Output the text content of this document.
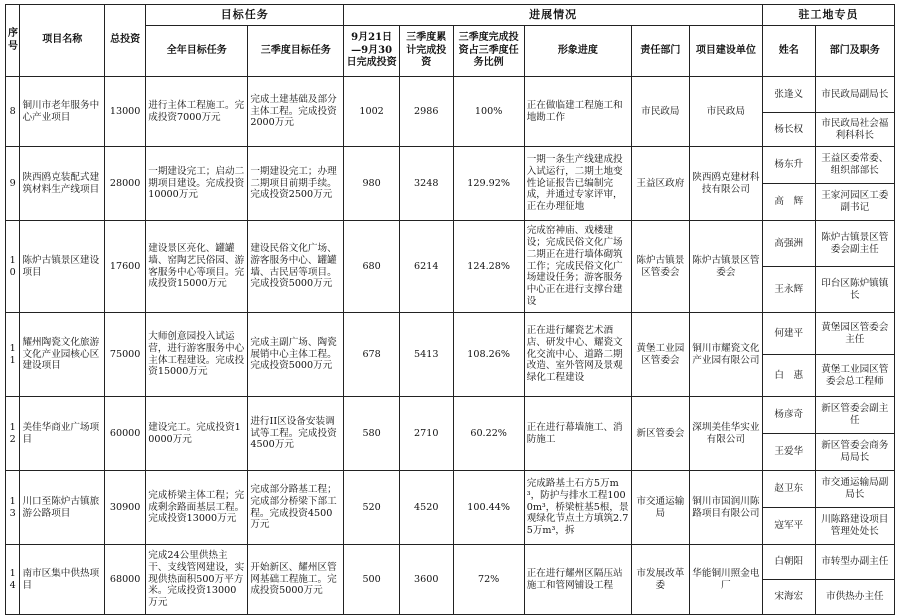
序号	项目名称	总投资	目标任务		进展情况						驻工地专员	
			全年目标任务	三季度目标任务	9月21日—9月30日完成投资	三季度累计完成投资	三季度完成投资占三季度任务比例	形象进度	责任部门	项目建设单位	姓名	部门及职务
8	铜川市老年服务中心产业项目	13000	进行主体工程施工。完成投资7000万元	完成土建基础及部分主体工程。完成投资2000万元	1002	2986	100%	正在做临建工程施工和地勘工作	市民政局	市民政局	张逢义	市民政局副局长
											杨长权	市民政局社会福利科科长
9	陕西鸥克装配式建筑材料生产线项目	28000	一期建设完工；启动二期项目建设。完成投资10000万元	一期建设完工；办理二期项目前期手续。完成投资2500万元	980	3248	129.92%	一期一条生产线建成投入试运行，二期土地变性论证报告已编制完成，并通过专家评审，正在办理征地	王益区政府	陕西鸥克建材科技有限公司	杨东升	王益区委常委、组织部部长
											高　辉	王家河园区工委副书记
10	陈炉古镇景区建设项目	17600	建设景区亮化、罐罐墙、窑陶艺民俗园、游客服务中心等项目。完成投资15000万元	建设民俗文化广场、游客服务中心、罐罐墙、古民居等项目。完成投资5000万元	680	6214	124.28%	完成窑神庙、戏楼建设；完成民俗文化广场二期正在进行墙体砌筑工作；完成民俗文化广场建设任务；游客服务中心正在进行支撑台建设	陈炉古镇景区管委会	陈炉古镇景区管委会	高强洲	陈炉古镇景区管委会副主任
											王永辉	印台区陈炉镇镇长
11	耀州陶瓷文化旅游文化产业园核心区建设项目	75000	大师创意园投入试运营，进行游客服务中心主体工程建设。完成投资15000万元	完成主副广场、陶瓷展销中心主体工程。完成投资5000万元	678	5413	108.26%	正在进行耀瓷艺术酒店、研发中心、耀瓷文化交流中心、道路二期改造、室外管网及景观绿化工程建设	黄堡工业园区管委会	铜川市耀瓷文化产业园有限公司	何建平	黄堡园区管委会主任
											白　惠	黄堡工业园区管委会总工程师
12	美佳华商业广场项目	60000	建设完工。完成投资10000万元	进行II区设备安装调试等工程。完成投资4500万元	580	2710	60.22%	正在进行幕墙施工、消防施工	新区管委会	深圳美佳华实业有限公司	杨彦奇	新区管委会副主任
											王爱华	新区管委会商务局局长
13	川口至陈炉古镇旅游公路项目	30900	完成桥梁主体工程；完成剩余路面基层工程。完成投资13000万元	完成部分路基工程；完成部分桥梁下部工程。完成投资4500万元	520	4520	100.44%	完成路基土石方5万m³，防护与排水工程1000m³，桥梁桩基5根，景观绿化节点土方填筑2.75万m³，拆	市交通运输局	铜川市国润川陈路项目有限公司	赵卫东	市交通运输局副局长
											寇军平	川陈路建设项目管理处处长
14	南市区集中供热项目	68000	完成24公里供热主干、支线管网建设，实现供热面积500万平方米。完成投资13000万元	开始新区、耀州区管网基础工程施工。完成投资5000万元	500	3600	72%	正在进行耀州区隔压站施工和管网铺设工程	市发展改革委	华能铜川照金电厂	白朝阳	市转型办副主任
											宋海宏	市供热办主任
